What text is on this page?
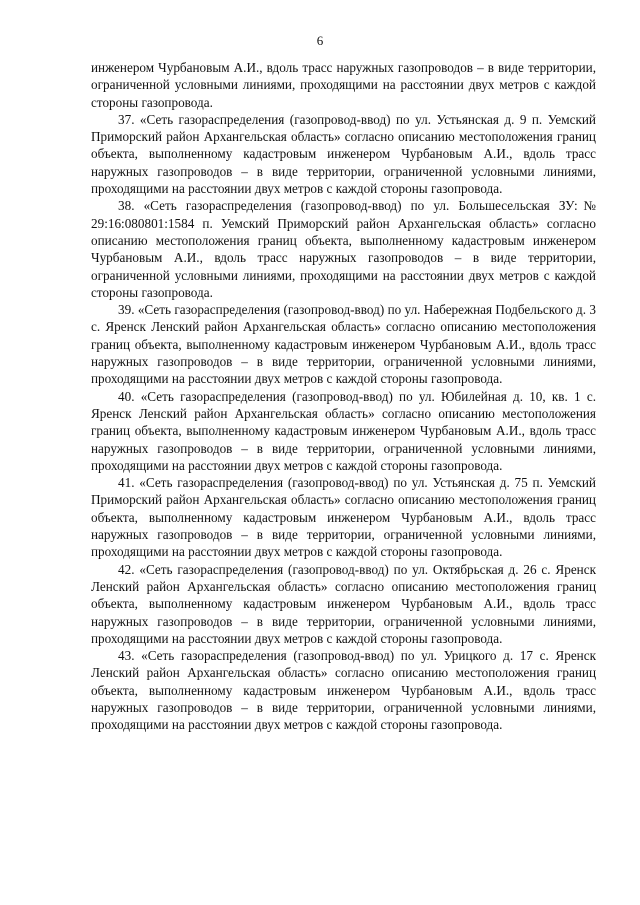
6

инженером Чурбановым А.И., вдоль трасс наружных газопроводов – в виде территории, ограниченной условными линиями, проходящими на расстоянии двух метров с каждой стороны газопровода.

37. «Сеть газораспределения (газопровод-ввод) по ул. Устьянская д. 9 п. Уемский Приморский район Архангельская область» согласно описанию местоположения границ объекта, выполненному кадастровым инженером Чурбановым А.И., вдоль трасс наружных газопроводов – в виде территории, ограниченной условными линиями, проходящими на расстоянии двух метров с каждой стороны газопровода.

38. «Сеть газораспределения (газопровод-ввод) по ул. Большесельская ЗУ:№ 29:16:080801:1584 п. Уемский Приморский район Архангельская область» согласно описанию местоположения границ объекта, выполненному кадастровым инженером Чурбановым А.И., вдоль трасс наружных газопроводов – в виде территории, ограниченной условными линиями, проходящими на расстоянии двух метров с каждой стороны газопровода.

39. «Сеть газораспределения (газопровод-ввод) по ул. Набережная Подбельского д. 3 с. Яренск Ленский район Архангельская область» согласно описанию местоположения границ объекта, выполненному кадастровым инженером Чурбановым А.И., вдоль трасс наружных газопроводов – в виде территории, ограниченной условными линиями, проходящими на расстоянии двух метров с каждой стороны газопровода.

40. «Сеть газораспределения (газопровод-ввод) по ул. Юбилейная д. 10, кв. 1 с. Яренск Ленский район Архангельская область» согласно описанию местоположения границ объекта, выполненному кадастровым инженером Чурбановым А.И., вдоль трасс наружных газопроводов – в виде территории, ограниченной условными линиями, проходящими на расстоянии двух метров с каждой стороны газопровода.

41. «Сеть газораспределения (газопровод-ввод) по ул. Устьянская д. 75 п. Уемский Приморский район Архангельская область» согласно описанию местоположения границ объекта, выполненному кадастровым инженером Чурбановым А.И., вдоль трасс наружных газопроводов – в виде территории, ограниченной условными линиями, проходящими на расстоянии двух метров с каждой стороны газопровода.

42. «Сеть газораспределения (газопровод-ввод) по ул. Октябрьская д. 26 с. Яренск Ленский район Архангельская область» согласно описанию местоположения границ объекта, выполненному кадастровым инженером Чурбановым А.И., вдоль трасс наружных газопроводов – в виде территории, ограниченной условными линиями, проходящими на расстоянии двух метров с каждой стороны газопровода.

43. «Сеть газораспределения (газопровод-ввод) по ул. Урицкого д. 17 с. Яренск Ленский район Архангельская область» согласно описанию местоположения границ объекта, выполненному кадастровым инженером Чурбановым А.И., вдоль трасс наружных газопроводов – в виде территории, ограниченной условными линиями, проходящими на расстоянии двух метров с каждой стороны газопровода.
